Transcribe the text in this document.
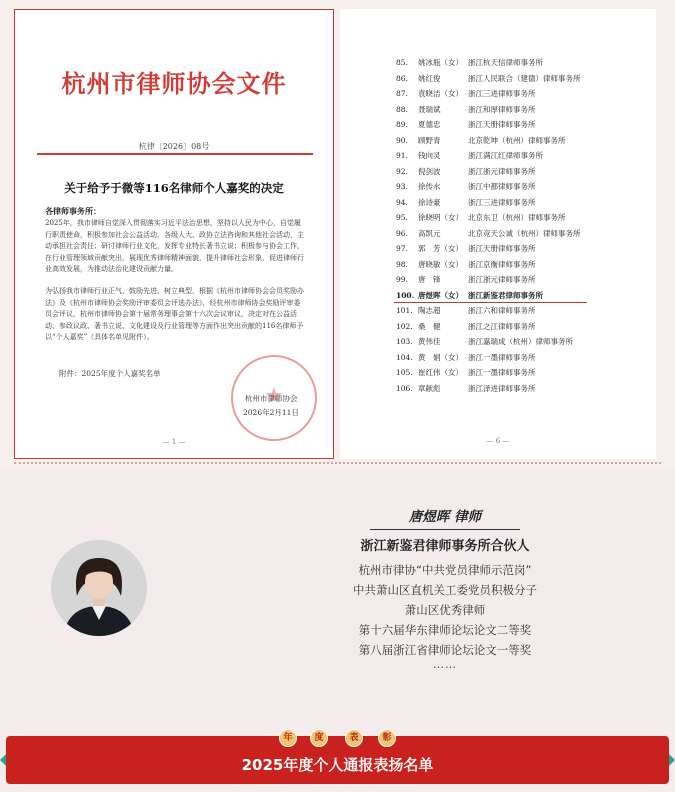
杭州市律师协会文件
杭律〔2026〕08号
关于给予于微等116名律师个人嘉奖的决定
各律师事务所：
2025年，我市律师自觉深入贯彻落实习近平法治思想，坚持以人民为中心，自觉履行职责使命，积极参加社会公益活动、各级人大、政协立法咨询和其他社会活动，主动承担社会责任；研讨律师行业文化，发挥专业特长著书立说；积极参与协会工作，在行业管理领域贡献突出，展现优秀律师精神面貌，提升律师社会形象，促进律师行业高效发展，为推动法治化建设贡献力量。
为弘扬我市律师行业正气、鼓励先进、树立典型，根据《杭州市律师协会会员奖励办法》及《杭州市律师协会奖励评审委员会评选办法》，经杭州市律师协会奖励评审委员会评议，杭州市律师协会第十届常务理事会第十六次会议审议，决定对在公益活动、参政议政、著书立说、文化建设及行业管理等方面作出突出贡献的116名律师予以“个人嘉奖”（具体名单见附件）。
附件：2025年度个人嘉奖名单
★
杭州市律师协会
2026年2月11日
— 1 —
85. 姚冰瓶（女） 浙江杭天信律师事务所
86. 姚红俊	浙江人民联合（建德）律师事务所
87. 袁晓洁（女） 浙江三进律师事务所
88. 聂瑞斌	浙江和厚律师事务所
89. 夏德忠	浙江天册律师事务所
90. 顾野青	北京乾坤（杭州）律师事务所
91. 钱向灵	浙江满江红律师事务所
92. 倪剑波	浙江浙元律师事务所
93. 徐传水	浙江中都律师事务所
94. 徐诗豪	浙江三进律师事务所
95. 徐晓明（女） 北京东卫（杭州）律师事务所
96. 高凯元	北京竞天公诚（杭州）律师事务所
97. 郭　芳（女） 浙江天册律师事务所
98. 唐晓敏（女） 浙江京衡律师事务所
99. 唐　锋	浙江浙元律师事务所
100. 唐煜晖（女） 浙江新鉴君律师事务所
101. 陶志超	浙江六和律师事务所
102. 桑　健	浙江之江律师事务所
103. 黄伟佳	浙江嘉瑞成（杭州）律师事务所
104. 黄　娟（女） 浙江一墨律师事务所
105. 崔红伟（女） 浙江一墨律师事务所
106. 章献彪	浙江泽进律师事务所
— 6 —
唐煜晖 律师
浙江新鉴君律师事务所合伙人
杭州市律协“中共党员律师示范岗”
中共萧山区直机关工委党员积极分子
萧山区优秀律师
第十六届华东律师论坛论文二等奖
第八届浙江省律师论坛论文一等奖
……
年	度	表	彰
2025年度个人通报表扬名单
